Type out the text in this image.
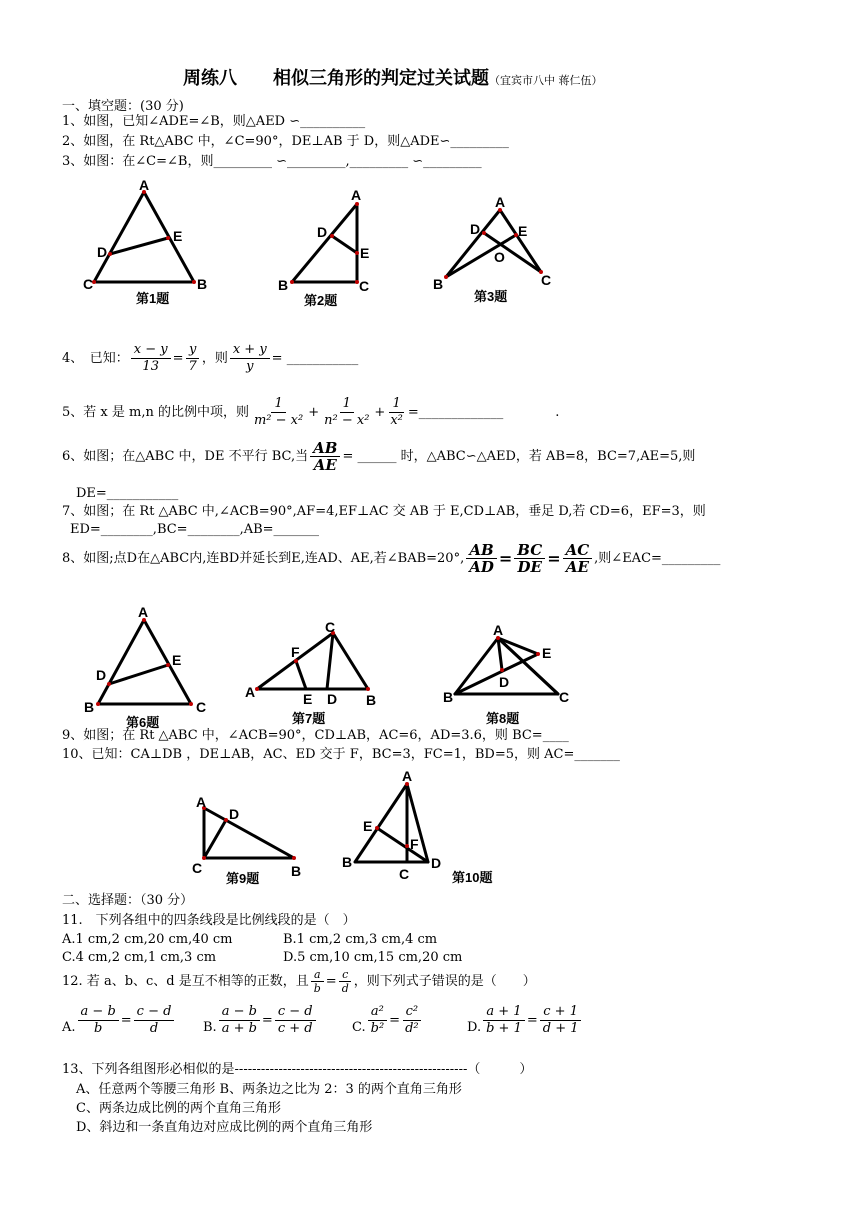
周练八　　相似三角形的判定过关试题（宜宾市八中 蒋仁伍）
一、填空题：(30 分)
1、如图，已知∠ADE=∠B，则△AED ∽__________
2、如图，在 Rt△ABC 中，∠C=90°，DE⊥AB 于 D，则△ADE∽_________
3、如图：在∠C=∠B，则_________ ∽_________,_________ ∽_________
A
D
E
C	B
A
D
E
B	C
A
D	E
O
B	C
A
D
E
B	C
C
F
A	E D B
A
E
D
B	C
A
D
C	B
A
E
F
B
C
D
第1题	第2题	第3题
4、　已知： $\frac{x - y}{13} = \frac{y}{7}$ ，则 $\frac{x + y}{y}$ = ___________
5、若 x 是 m,n 的比例中项，则 $\frac{1}{\text{m² − x²}} + \frac{1}{\text{n² − x²}} + \frac{1}{\text{x²}}$ =_____________　　　　.
6、如图；在△ABC 中，DE 不平行 BC,当 $\frac{AB}{AE}$ = ______ 时，△ABC∽△AED，若 AB=8，BC=7,AE=5,则
DE=___________
7、如图；在 Rt △ABC 中,∠ACB=90°,AF=4,EF⊥AC 交 AB 于 E,CD⊥AB，垂足 D,若 CD=6，EF=3，则
ED=________,BC=________,AB=_______
8、如图;点D在△ABC内,连BD并延长到E,连AD、AE,若∠BAB=20°, $\frac{AB}{AD} = \frac{BC}{DE} = \frac{AC}{AE}$ ,则∠EAC=_________
第6题	第7题	第8题
9、如图；在 Rt △ABC 中，∠ACB=90°，CD⊥AB，AC=6，AD=3.6，则 BC=____
10、已知：CA⊥DB ，DE⊥AB，AC、ED 交于 F，BC=3，FC=1，BD=5，则 AC=_______
第9题	第10题
二、选择题：（30 分）
11.　下列各组中的四条线段是比例线段的是（　）
A.1 cm,2 cm,20 cm,40 cm	B.1 cm,2 cm,3 cm,4 cm
C.4 cm,2 cm,1 cm,3 cm	D.5 cm,10 cm,15 cm,20 cm
12. 若 a、b、c、d 是互不相等的正数，且 $\frac{a}{b} = \frac{c}{d}$ ，则下列式子错误的是（　　）
A. $\frac{a - b}{b} = \frac{c - d}{d} B$. $\frac{a - b}{a + b} = \frac{c - d}{c + d}$	C. $\frac{\text{a²}}{\text{b²}} = \frac{\text{c²}}{\text{d²}}$	D. $\frac{a + 1}{b + 1} = \frac{c + 1}{d + 1}$
13、下列各组图形必相似的是-----------------------------------------------------（　　　）
A、任意两个等腰三角形 B、两条边之比为 2：3 的两个直角三角形
C、两条边成比例的两个直角三角形
D、斜边和一条直角边对应成比例的两个直角三角形
